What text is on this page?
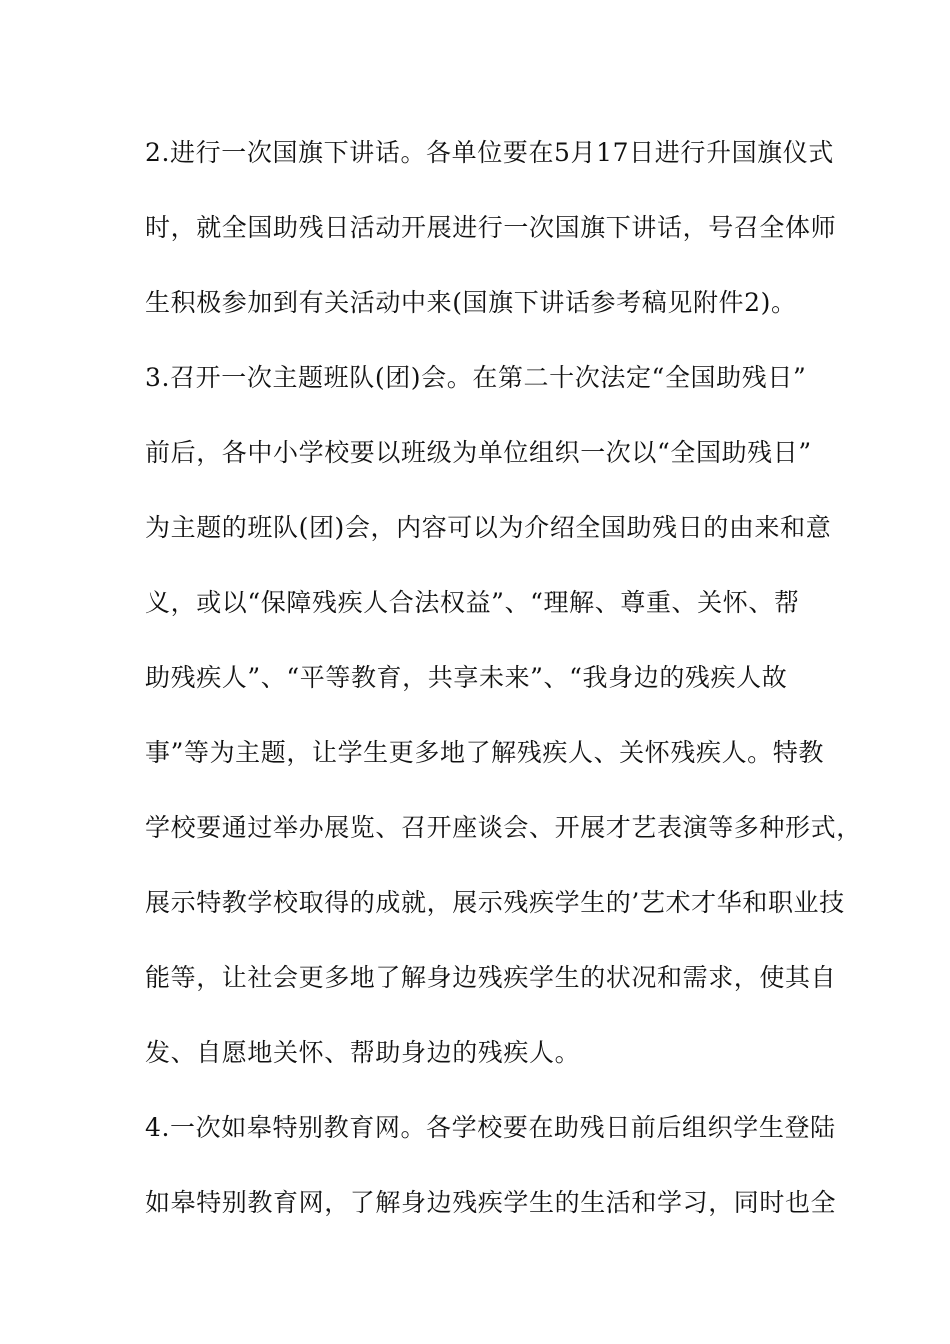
2.进行一次国旗下讲话。各单位要在5月17日进行升国旗仪式
时，就全国助残日活动开展进行一次国旗下讲话，号召全体师
生积极参加到有关活动中来(国旗下讲话参考稿见附件2)。
3.召开一次主题班队(团)会。在第二十次法定“全国助残日”
前后，各中小学校要以班级为单位组织一次以“全国助残日”
为主题的班队(团)会，内容可以为介绍全国助残日的由来和意
义，或以“保障残疾人合法权益”、“理解、尊重、关怀、帮
助残疾人”、“平等教育，共享未来”、“我身边的残疾人故
事”等为主题，让学生更多地了解残疾人、关怀残疾人。特教
学校要通过举办展览、召开座谈会、开展才艺表演等多种形式，
展示特教学校取得的成就，展示残疾学生的’艺术才华和职业技
能等，让社会更多地了解身边残疾学生的状况和需求，使其自
发、自愿地关怀、帮助身边的残疾人。
4.一次如皋特别教育网。各学校要在助残日前后组织学生登陆
如皋特别教育网，了解身边残疾学生的生活和学习，同时也全
